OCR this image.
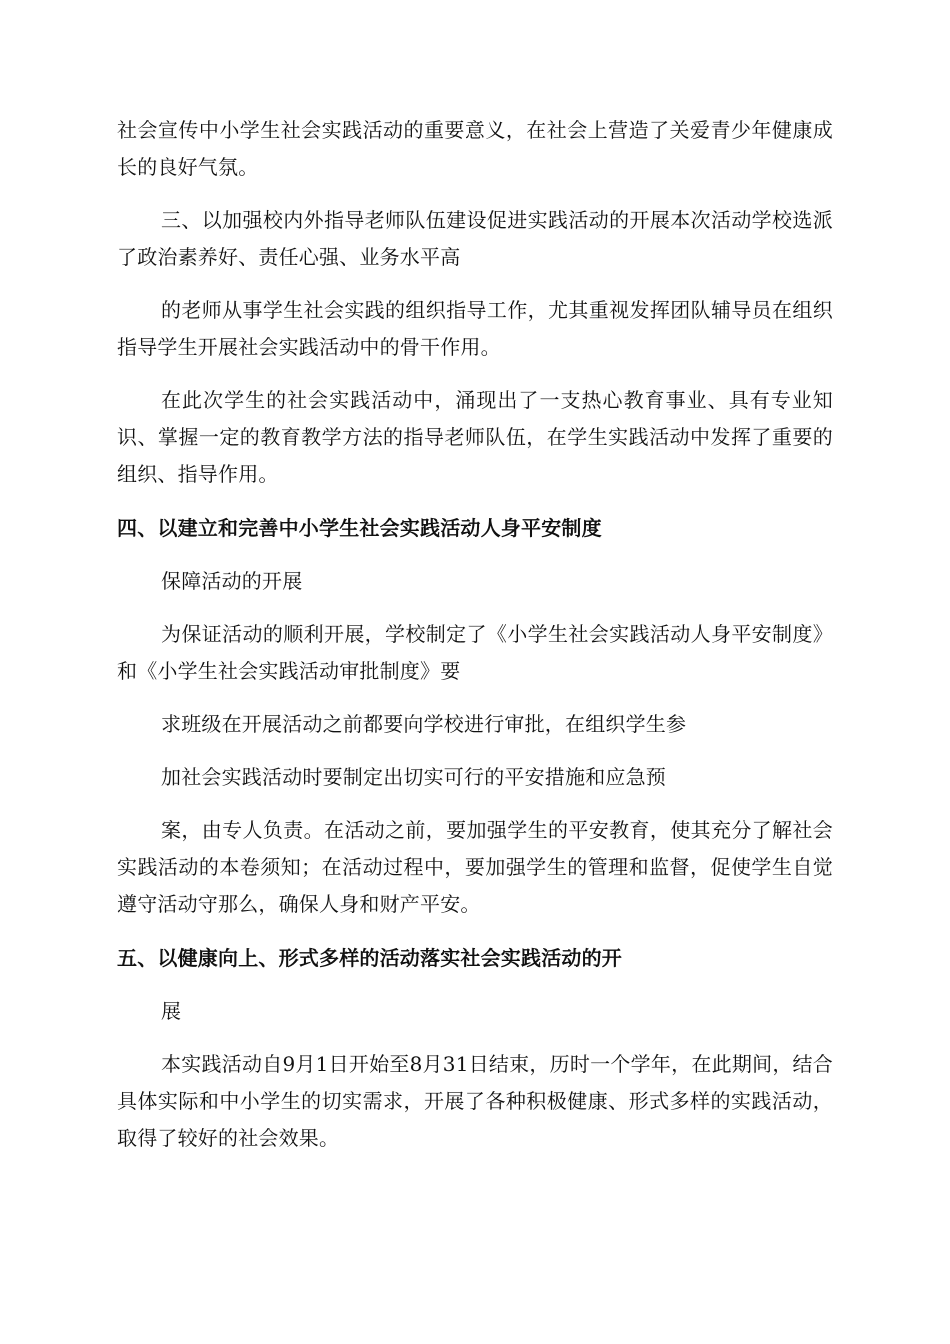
社会宣传中小学生社会实践活动的重要意义，在社会上营造了关爱青少年健康成长的良好气氛。

三、以加强校内外指导老师队伍建设促进实践活动的开展本次活动学校选派了政治素养好、责任心强、业务水平高

的老师从事学生社会实践的组织指导工作，尤其重视发挥团队辅导员在组织指导学生开展社会实践活动中的骨干作用。

在此次学生的社会实践活动中，涌现出了一支热心教育事业、具有专业知识、掌握一定的教育教学方法的指导老师队伍，在学生实践活动中发挥了重要的组织、指导作用。

四、以建立和完善中小学生社会实践活动人身平安制度

保障活动的开展

为保证活动的顺利开展，学校制定了《小学生社会实践活动人身平安制度》和《小学生社会实践活动审批制度》要

求班级在开展活动之前都要向学校进行审批，在组织学生参

加社会实践活动时要制定出切实可行的平安措施和应急预

案，由专人负责。在活动之前，要加强学生的平安教育，使其充分了解社会实践活动的本卷须知；在活动过程中，要加强学生的管理和监督，促使学生自觉遵守活动守那么，确保人身和财产平安。

五、以健康向上、形式多样的活动落实社会实践活动的开

展

本实践活动自9月1日开始至8月31日结束，历时一个学年，在此期间，结合具体实际和中小学生的切实需求，开展了各种积极健康、形式多样的实践活动，取得了较好的社会效果。
